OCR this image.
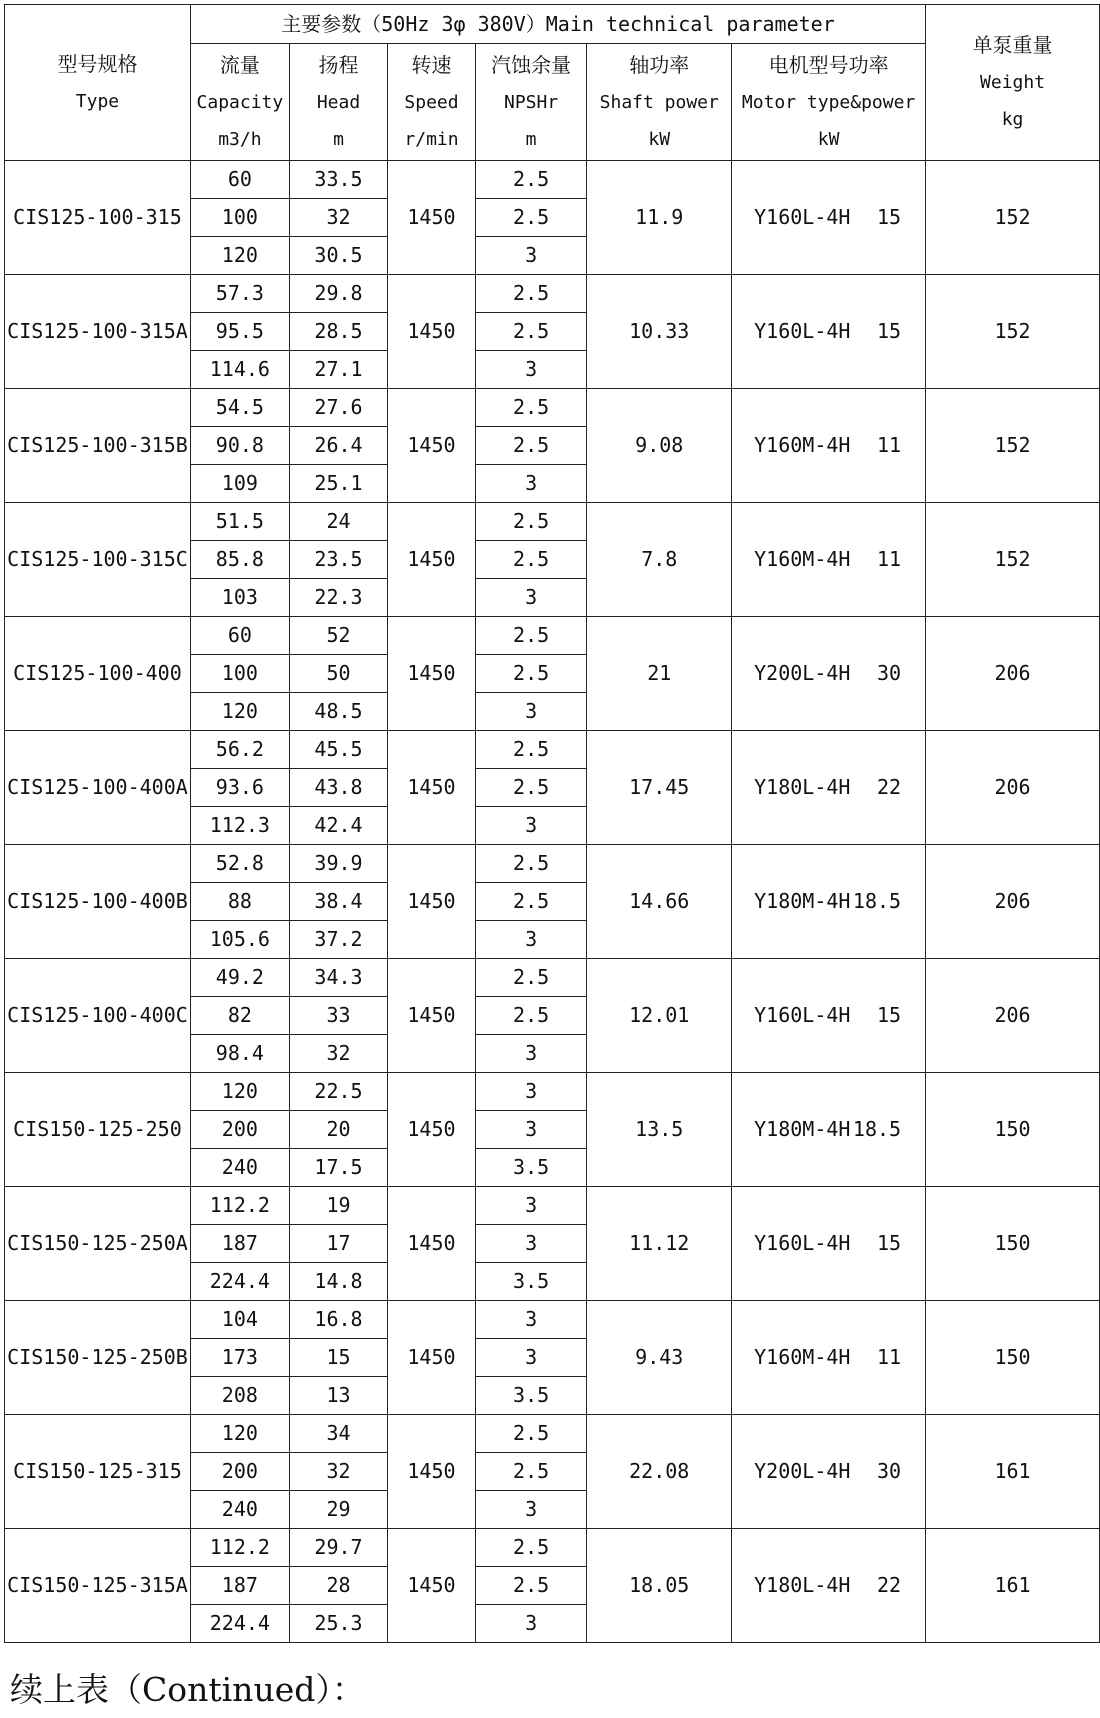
型号规格
Type	主要参数（50Hz 3φ 380V）Main technical parameter						单泵重量
Weight
kg

	流量
Capacity
m3/h	扬程
Head
m	转速
Speed
r/min	汽蚀余量
NPSHr
m	轴功率
Shaft power
kW	电机型号功率
Motor type&power
kW	

CIS125-100-315	60	33.5	1450	2.5	11.9	Y160L-4H 15	152
	100	32		2.5			
	120	30.5		3			
CIS125-100-315A	57.3	29.8	1450	2.5	10.33	Y160L-4H 15	152
	95.5	28.5		2.5			
	114.6	27.1		3			
CIS125-100-315B	54.5	27.6	1450	2.5	9.08	Y160M-4H 11	152
	90.8	26.4		2.5			
	109	25.1		3			
CIS125-100-315C	51.5	24	1450	2.5	7.8	Y160M-4H 11	152
	85.8	23.5		2.5			
	103	22.3		3			
CIS125-100-400	60	52	1450	2.5	21	Y200L-4H 30	206
	100	50		2.5			
	120	48.5		3			
CIS125-100-400A	56.2	45.5	1450	2.5	17.45	Y180L-4H 22	206
	93.6	43.8		2.5			
	112.3	42.4		3			
CIS125-100-400B	52.8	39.9	1450	2.5	14.66	Y180M-4H 18.5	206
	88	38.4		2.5			
	105.6	37.2		3			
CIS125-100-400C	49.2	34.3	1450	2.5	12.01	Y160L-4H 15	206
	82	33		2.5			
	98.4	32		3			
CIS150-125-250	120	22.5	1450	3	13.5	Y180M-4H 18.5	150
	200	20		3			
	240	17.5		3.5			
CIS150-125-250A	112.2	19	1450	3	11.12	Y160L-4H 15	150
	187	17		3			
	224.4	14.8		3.5			
CIS150-125-250B	104	16.8	1450	3	9.43	Y160M-4H 11	150
	173	15		3			
	208	13		3.5			
CIS150-125-315	120	34	1450	2.5	22.08	Y200L-4H 30	161
	200	32		2.5			
	240	29		3			
CIS150-125-315A	112.2	29.7	1450	2.5	18.05	Y180L-4H 22	161
	187	28		2.5			
	224.4	25.3		3			
续上表（Continued）：
